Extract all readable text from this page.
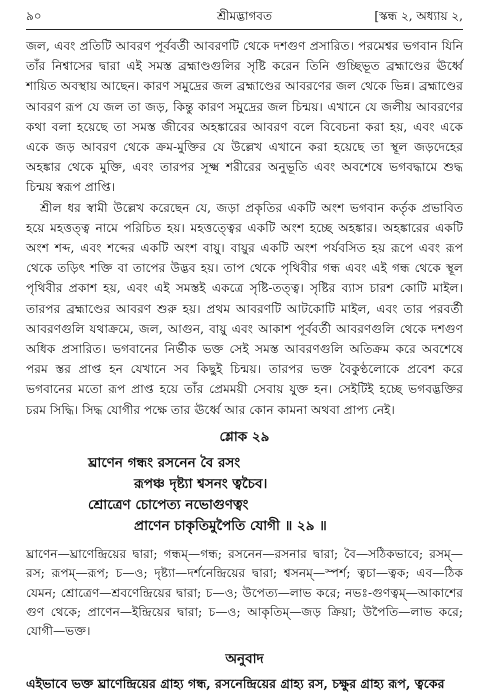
৯০	শ্রীমদ্ভাগবত	[স্কন্ধ ২, অধ্যায় ২,

জল, এবং প্রতিটি আবরণ পূর্ববর্তী আবরণটি থেকে দশগুণ প্রসারিত। পরমেশ্বর ভগবান যিনি তাঁর নিশ্বাসের দ্বারা এই সমস্ত ব্রহ্মাণ্ডগুলির সৃষ্টি করেন তিনি গুচ্ছিভূত ব্রহ্মাণ্ডের ঊর্ধ্বে শায়িত অবস্থায় আছেন। কারণ সমুদ্রের জল ব্রহ্মাণ্ডের আবরণের জল থেকে ভিন্ন। ব্রহ্মাণ্ডের আবরণ রূপ যে জল তা জড়, কিন্তু কারণ সমুদ্রের জল চিন্ময়। এখানে যে জলীয় আবরণের কথা বলা হয়েছে তা সমস্ত জীবের অহঙ্কারের আবরণ বলে বিবেচনা করা হয়, এবং একে একে জড় আবরণ থেকে ক্রম-মুক্তির যে উল্লেখ এখানে করা হয়েছে তা স্থূল জড়দেহের অহঙ্কার থেকে মুক্তি, এবং তারপর সূক্ষ্ম শরীরের অনুভূতি এবং অবশেষে ভগবদ্ধামে শুদ্ধ চিন্ময় স্বরূপ প্রাপ্তি।

শ্রীল ধর স্বামী উল্লেখ করেছেন যে, জড়া প্রকৃতির একটি অংশ ভগবান কর্তৃক প্রভাবিত হয়ে মহত্তত্ত্ব নামে পরিচিত হয়। মহত্তত্ত্বের একটি অংশ হচ্ছে অহঙ্কার। অহঙ্কারের একটি অংশ শব্দ, এবং শব্দের একটি অংশ বায়ু। বায়ুর একটি অংশ পর্যবসিত হয় রূপে এবং রূপ থেকে তড়িৎ শক্তি বা তাপের উদ্ভব হয়। তাপ থেকে পৃথিবীর গন্ধ এবং এই গন্ধ থেকে স্থূল পৃথিবীর প্রকাশ হয়, এবং এই সমস্তই একত্রে সৃষ্টি-তত্ত্ব। সৃষ্টির ব্যাস চারশ কোটি মাইল। তারপর ব্রহ্মাণ্ডের আবরণ শুরু হয়। প্রথম আবরণটি আটকোটি মাইল, এবং তার পরবর্তী আবরণগুলি যথাক্রমে, জল, আগুন, বায়ু এবং আকাশ পূর্ববর্তী আবরণগুলি থেকে দশগুণ অধিক প্রসারিত। ভগবানের নির্ভীক ভক্ত সেই সমস্ত আবরণগুলি অতিক্রম করে অবশেষে পরম স্তর প্রাপ্ত হন যেখানে সব কিছুই চিন্ময়। তারপর ভক্ত বৈকুণ্ঠলোকে প্রবেশ করে ভগবানের মতো রূপ প্রাপ্ত হয়ে তাঁর প্রেমময়ী সেবায় যুক্ত হন। সেইটিই হচ্ছে ভগবদ্ভক্তির চরম সিদ্ধি। সিদ্ধ যোগীর পক্ষে তার ঊর্ধ্বে আর কোন কামনা অথবা প্রাপ্য নেই।

শ্লোক ২৯
ঘ্রাণেন গন্ধং রসনেন বৈ রসং
রূপঞ্চ দৃষ্ট্যা শ্বসনং ত্বচৈব।
শ্রোত্রেণ চোপেত্য নভোগুণত্বং
প্রাণেন চাকৃতিমুপৈতি যোগী ॥ ২৯ ॥

ঘ্রাণেন—ঘ্রাণেন্দ্রিয়ের দ্বারা; গন্ধম্—গন্ধ; রসনেন—রসনার দ্বারা; বৈ—সঠিকভাবে; রসম্—রস; রূপম্—রূপ; চ—ও; দৃষ্ট্যা—দর্শনেন্দ্রিয়ের দ্বারা; শ্বসনম্—স্পর্শ; ত্বচা—ত্বক; এব—ঠিক যেমন; শ্রোত্রেণ—শ্রবণেন্দ্রিয়ের দ্বারা; চ—ও; উপেত্য—লাভ করে; নভঃ-গুণত্বম্—আকাশের গুণ থেকে; প্রাণেন—ইন্দ্রিয়ের দ্বারা; চ—ও; আকৃতিম্—জড় ক্রিয়া; উপৈতি—লাভ করে; যোগী—ভক্ত।

অনুবাদ

এইভাবে ভক্ত ঘ্রাণেন্দ্রিয়ের গ্রাহ্য গন্ধ, রসনেন্দ্রিয়ের গ্রাহ্য রস, চক্ষুর গ্রাহ্য রূপ, ত্বকের
